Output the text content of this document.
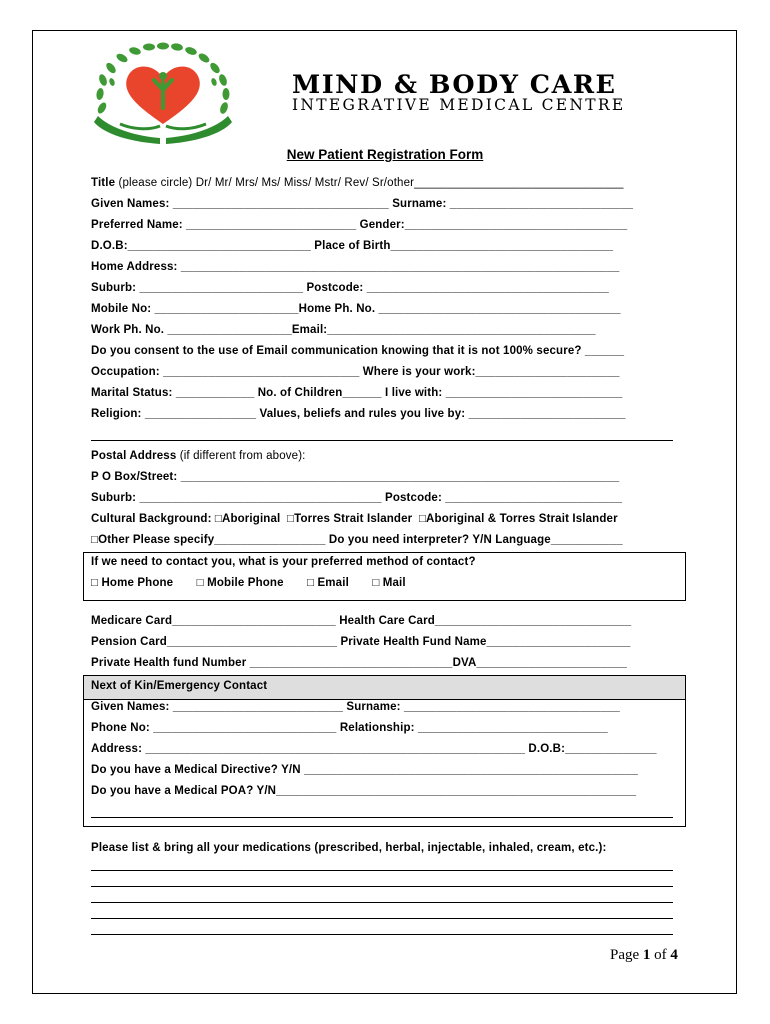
MIND & BODY CARE
INTEGRATIVE MEDICAL CENTRE
New Patient Registration Form
Title (please circle) Dr/ Mr/ Mrs/ Ms/ Miss/ Mstr/ Rev/ Sr/other________________________________
Given Names: _________________________________ Surname: ____________________________
Preferred Name: __________________________ Gender:__________________________________
D.O.B:____________________________ Place of Birth__________________________________
Home Address: ___________________________________________________________________
Suburb: _________________________ Postcode: _____________________________________
Mobile No: ______________________Home Ph. No. _____________________________________
Work Ph. No. ___________________Email:_________________________________________
Do you consent to the use of Email communication knowing that it is not 100% secure? ______
Occupation: ______________________________ Where is your work:______________________
Marital Status: ____________ No. of Children______ I live with: ___________________________
Religion: _________________ Values, beliefs and rules you live by: ________________________
Postal Address (if different from above):
P O Box/Street: ___________________________________________________________________
Suburb: _____________________________________ Postcode: ___________________________
Cultural Background: □Aboriginal  □Torres Strait Islander  □Aboriginal & Torres Strait Islander
□Other Please specify_________________ Do you need interpreter? Y/N Language___________
If we need to contact you, what is your preferred method of contact?
□ Home Phone       □ Mobile Phone       □ Email       □ Mail
Medicare Card_________________________ Health Care Card______________________________
Pension Card__________________________ Private Health Fund Name______________________
Private Health fund Number _______________________________DVA_______________________
Next of Kin/Emergency Contact
Given Names: __________________________ Surname: _________________________________
Phone No: ____________________________ Relationship: _____________________________
Address: __________________________________________________________ D.O.B:______________
Do you have a Medical Directive? Y/N ___________________________________________________
Do you have a Medical POA? Y/N_______________________________________________________
Please list & bring all your medications (prescribed, herbal, injectable, inhaled, cream, etc.):
Page 1 of 4
